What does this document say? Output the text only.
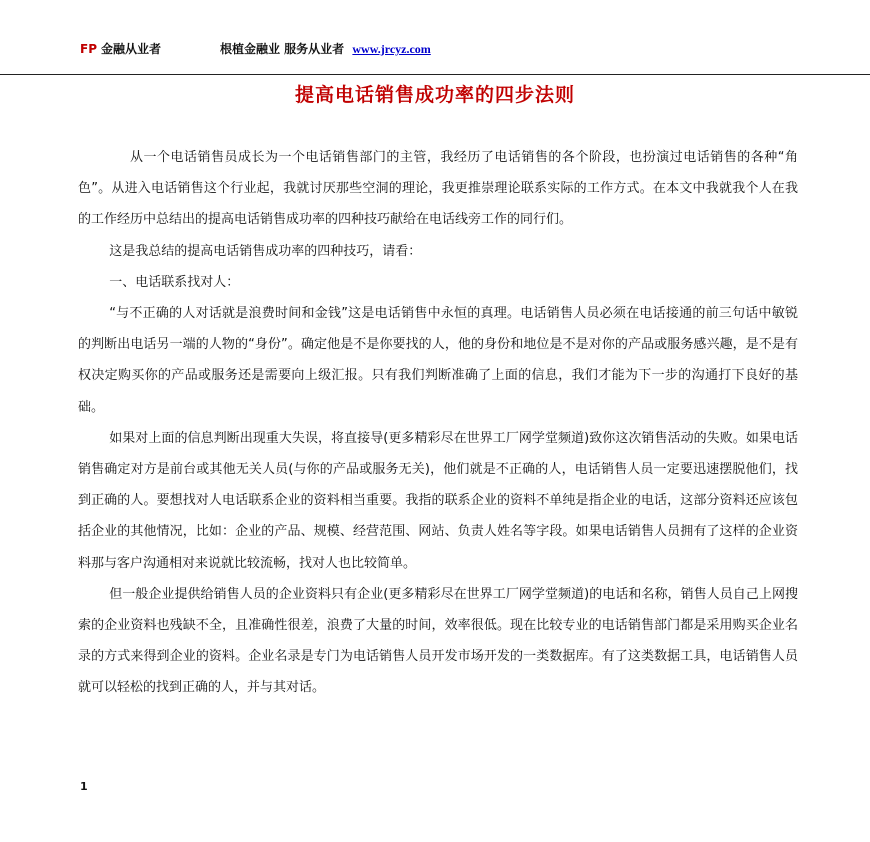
FP 金融从业者	根植金融业 服务从业者 www.jrcyz.com
提高电话销售成功率的四步法则

从一个电话销售员成长为一个电话销售部门的主管，我经历了电话销售的各个阶段，也扮演过电话销售的各种“角色”。从进入电话销售这个行业起，我就讨厌那些空洞的理论，我更推崇理论联系实际的工作方式。在本文中我就我个人在我的工作经历中总结出的提高电话销售成功率的四种技巧献给在电话线旁工作的同行们。

这是我总结的提高电话销售成功率的四种技巧，请看：

一、电话联系找对人：

“与不正确的人对话就是浪费时间和金钱”这是电话销售中永恒的真理。电话销售人员必须在电话接通的前三句话中敏锐的判断出电话另一端的人物的“身份”。确定他是不是你要找的人，他的身份和地位是不是对你的产品或服务感兴趣，是不是有权决定购买你的产品或服务还是需要向上级汇报。只有我们判断准确了上面的信息，我们才能为下一步的沟通打下良好的基础。

如果对上面的信息判断出现重大失误，将直接导(更多精彩尽在世界工厂网学堂频道)致你这次销售活动的失败。如果电话销售确定对方是前台或其他无关人员(与你的产品或服务无关)，他们就是不正确的人，电话销售人员一定要迅速摆脱他们，找到正确的人。要想找对人电话联系企业的资料相当重要。我指的联系企业的资料不单纯是指企业的电话，这部分资料还应该包括企业的其他情况，比如：企业的产品、规模、经营范围、网站、负责人姓名等字段。如果电话销售人员拥有了这样的企业资料那与客户沟通相对来说就比较流畅，找对人也比较简单。

但一般企业提供给销售人员的企业资料只有企业(更多精彩尽在世界工厂网学堂频道)的电话和名称，销售人员自己上网搜索的企业资料也残缺不全，且准确性很差，浪费了大量的时间，效率很低。现在比较专业的电话销售部门都是采用购买企业名录的方式来得到企业的资料。企业名录是专门为电话销售人员开发市场开发的一类数据库。有了这类数据工具，电话销售人员就可以轻松的找到正确的人，并与其对话。

1
